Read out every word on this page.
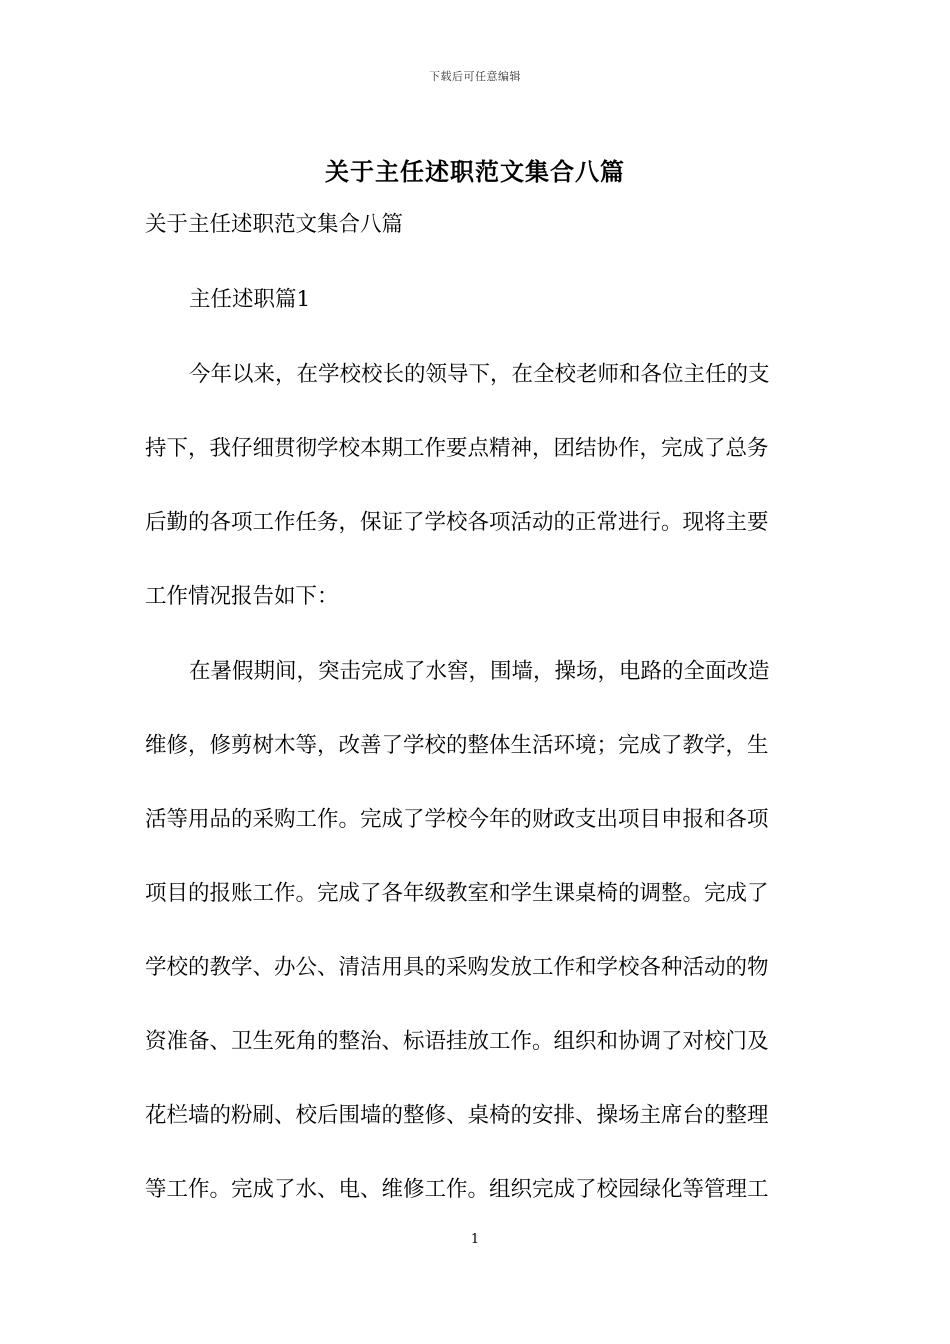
下载后可任意编辑
关于主任述职范文集合八篇
关于主任述职范文集合八篇
主任述职篇1
今年以来，在学校校长的领导下，在全校老师和各位主任的支
持下，我仔细贯彻学校本期工作要点精神，团结协作，完成了总务
后勤的各项工作任务，保证了学校各项活动的正常进行。现将主要
工作情况报告如下：
在暑假期间，突击完成了水窖，围墙，操场，电路的全面改造
维修，修剪树木等，改善了学校的整体生活环境；完成了教学，生
活等用品的采购工作。完成了学校今年的财政支出项目申报和各项
项目的报账工作。完成了各年级教室和学生课桌椅的调整。完成了
学校的教学、办公、清洁用具的采购发放工作和学校各种活动的物
资准备、卫生死角的整治、标语挂放工作。组织和协调了对校门及
花栏墙的粉刷、校后围墙的整修、桌椅的安排、操场主席台的整理
等工作。完成了水、电、维修工作。组织完成了校园绿化等管理工
1
